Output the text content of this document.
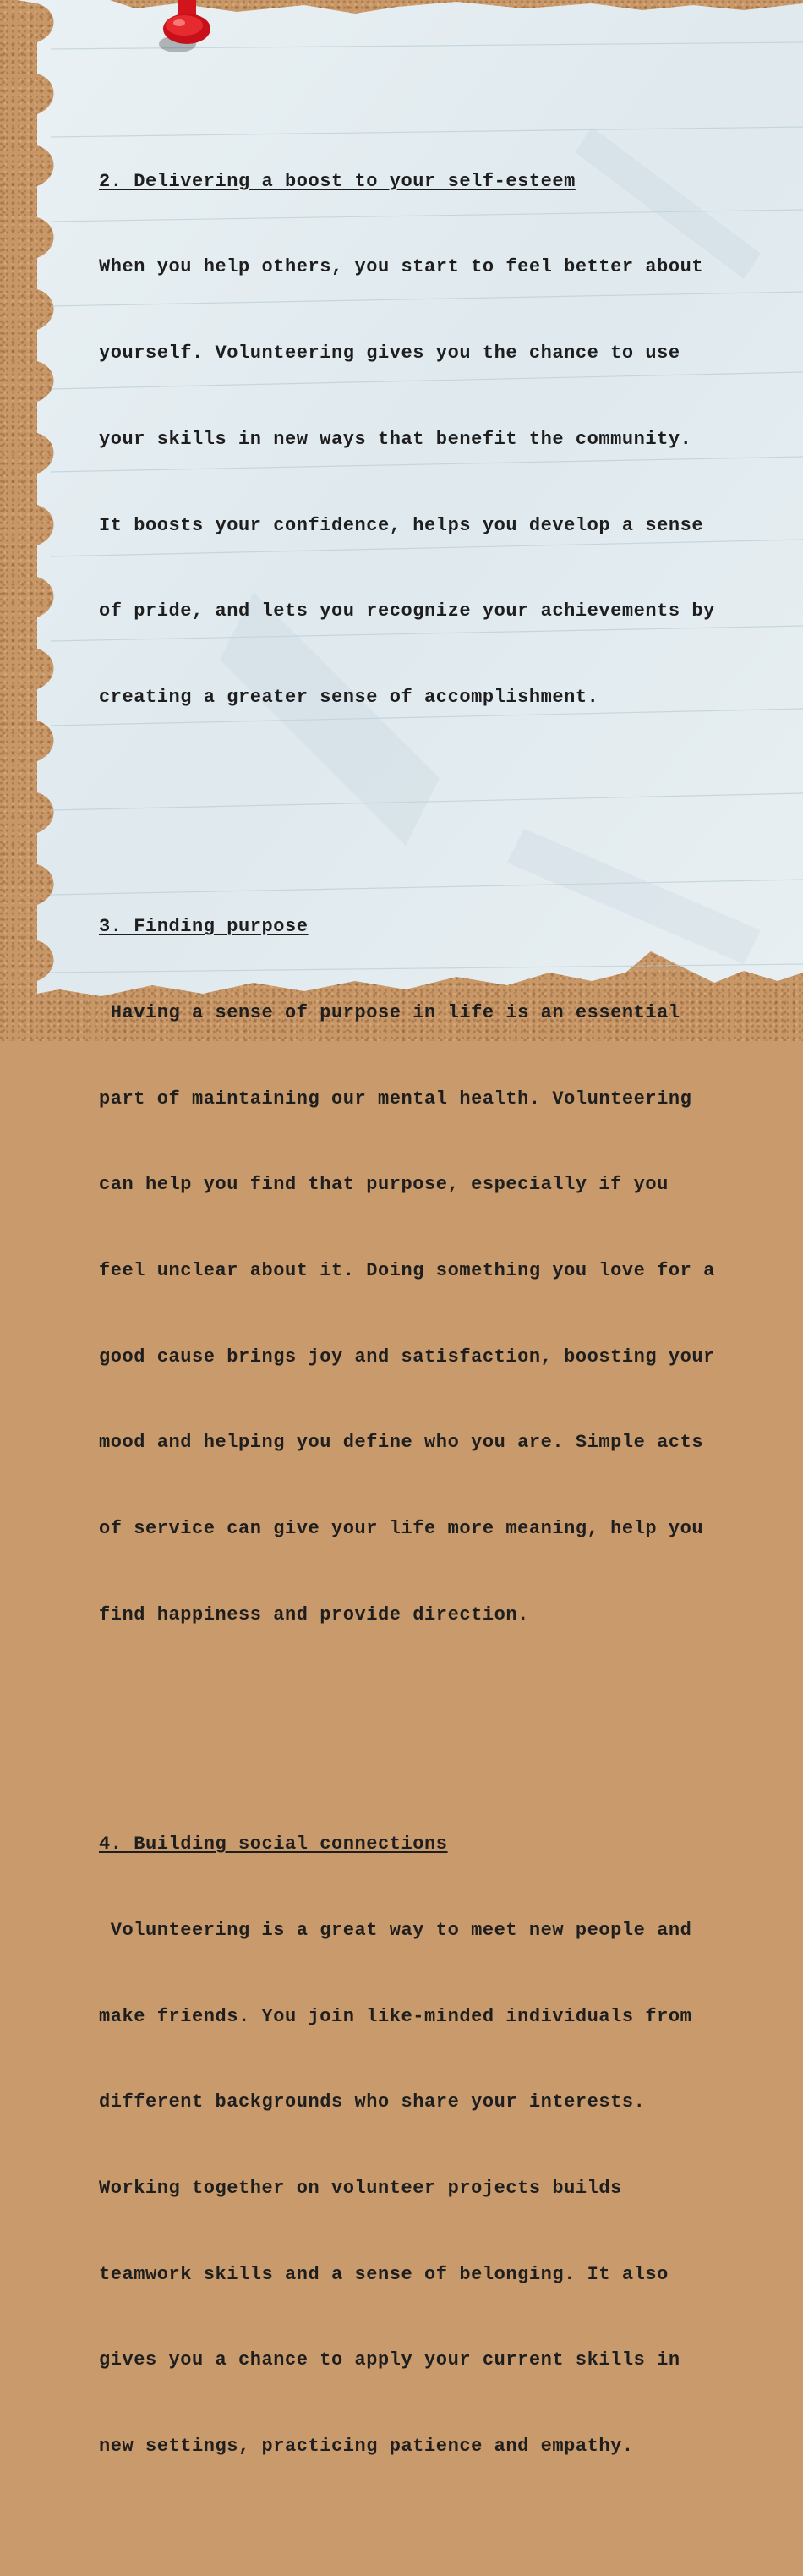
2. Delivering a boost to your self-esteem

When you help others, you start to feel better about

yourself. Volunteering gives you the chance to use

your skills in new ways that benefit the community.

It boosts your confidence, helps you develop a sense

of pride, and lets you recognize your achievements by

creating a greater sense of accomplishment.

3. Finding purpose

Having a sense of purpose in life is an essential

part of maintaining our mental health. Volunteering

can help you find that purpose, especially if you

feel unclear about it. Doing something you love for a

good cause brings joy and satisfaction, boosting your

mood and helping you define who you are. Simple acts

of service can give your life more meaning, help you

find happiness and provide direction.

4. Building social connections

Volunteering is a great way to meet new people and

make friends. You join like-minded individuals from

different backgrounds who share your interests.

Working together on volunteer projects builds

teamwork skills and a sense of belonging. It also

gives you a chance to apply your current skills in

new settings, practicing patience and empathy.
